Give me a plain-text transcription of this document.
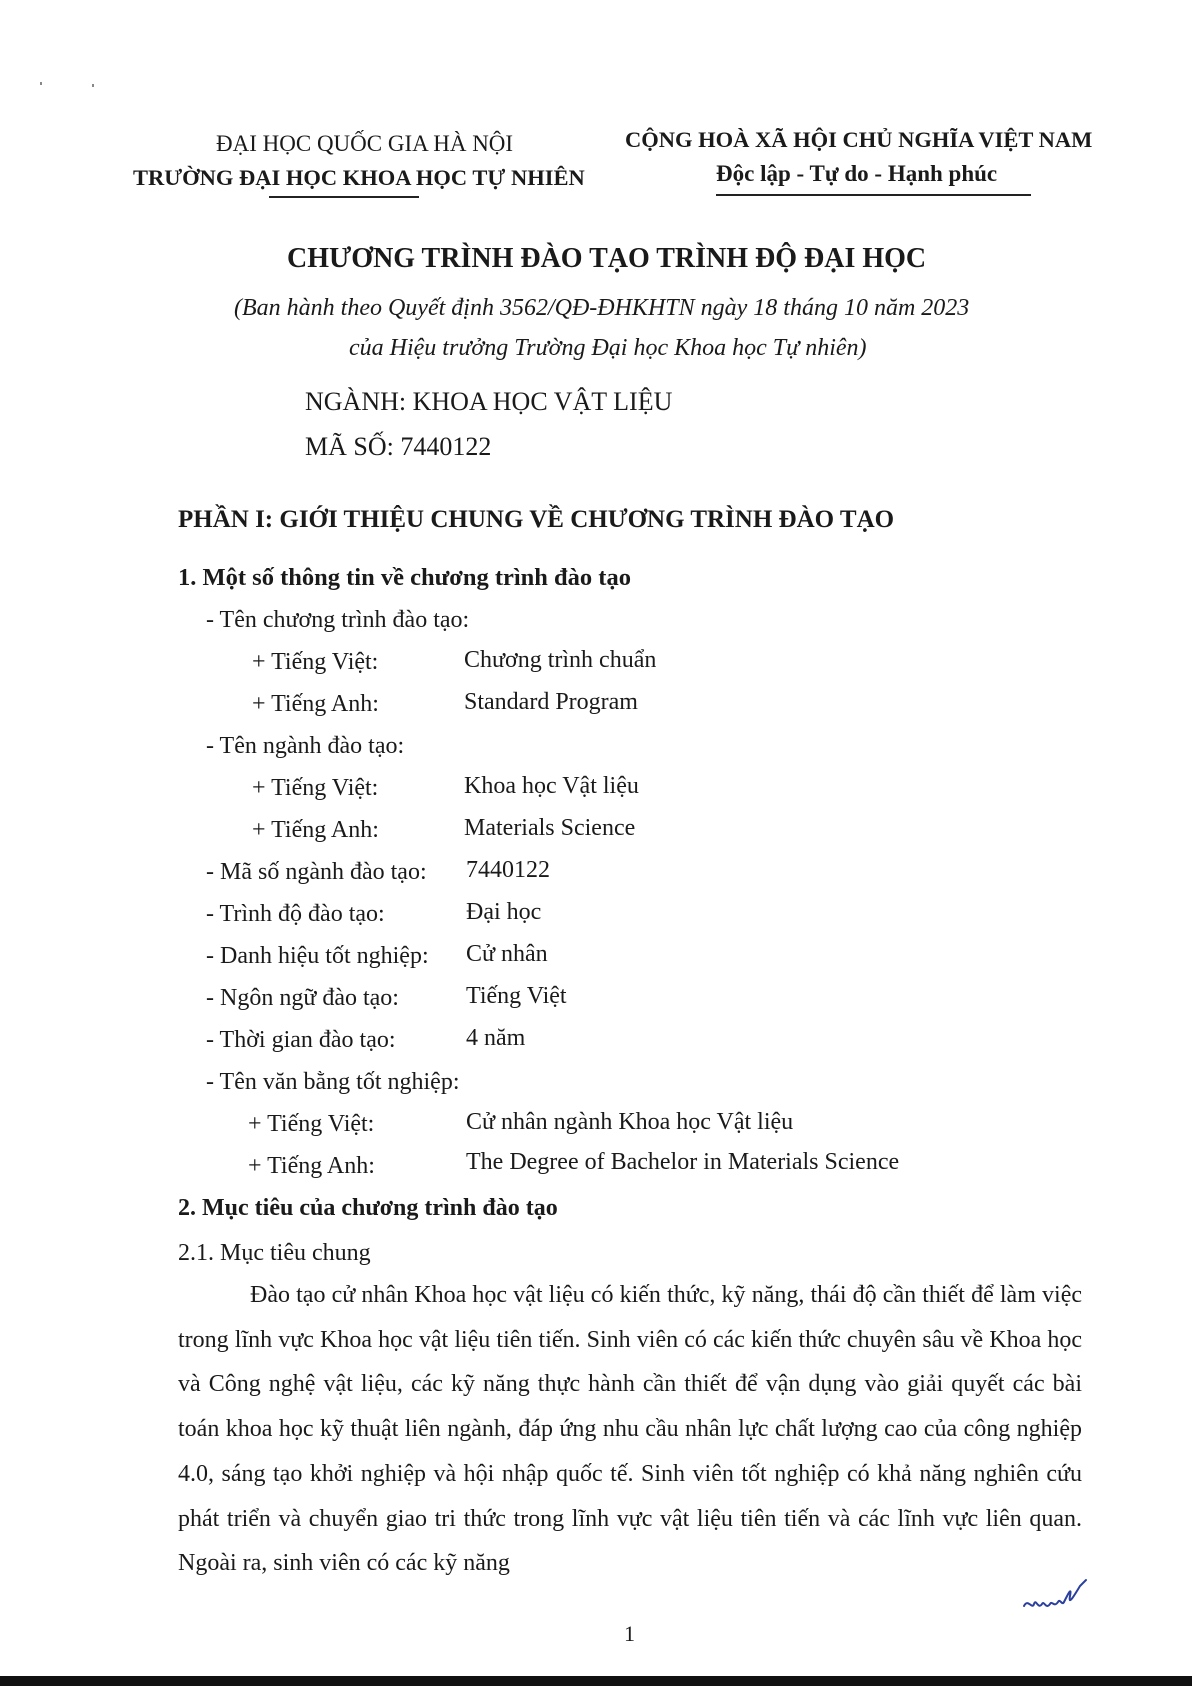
ĐẠI HỌC QUỐC GIA HÀ NỘI
TRƯỜNG ĐẠI HỌC KHOA HỌC TỰ NHIÊN
CỘNG HOÀ XÃ HỘI CHỦ NGHĨA VIỆT NAM
Độc lập - Tự do - Hạnh phúc
CHƯƠNG TRÌNH ĐÀO TẠO TRÌNH ĐỘ ĐẠI HỌC
(Ban hành theo Quyết định 3562/QĐ-ĐHKHTN ngày 18 tháng 10 năm 2023
của Hiệu trưởng Trường Đại học Khoa học Tự nhiên)
NGÀNH: KHOA HỌC VẬT LIỆU
MÃ SỐ: 7440122
PHẦN I: GIỚI THIỆU CHUNG VỀ CHƯƠNG TRÌNH ĐÀO TẠO
1. Một số thông tin về chương trình đào tạo
- Tên chương trình đào tạo:
+ Tiếng Việt:	Chương trình chuẩn
+ Tiếng Anh:	Standard Program
- Tên ngành đào tạo:
+ Tiếng Việt:	Khoa học Vật liệu
+ Tiếng Anh:	Materials Science
- Mã số ngành đào tạo: 7440122
- Trình độ đào tạo:	Đại học
- Danh hiệu tốt nghiệp: Cử nhân
- Ngôn ngữ đào tạo:	Tiếng Việt
- Thời gian đào tạo:	4 năm
- Tên văn bằng tốt nghiệp:
+ Tiếng Việt:	Cử nhân ngành Khoa học Vật liệu
+ Tiếng Anh:	The Degree of Bachelor in Materials Science
2. Mục tiêu của chương trình đào tạo
2.1. Mục tiêu chung

Đào tạo cử nhân Khoa học vật liệu có kiến thức, kỹ năng, thái độ cần thiết để làm việc trong lĩnh vực Khoa học vật liệu tiên tiến. Sinh viên có các kiến thức chuyên sâu về Khoa học và Công nghệ vật liệu, các kỹ năng thực hành cần thiết để vận dụng vào giải quyết các bài toán khoa học kỹ thuật liên ngành, đáp ứng nhu cầu nhân lực chất lượng cao của công nghiệp 4.0, sáng tạo khởi nghiệp và hội nhập quốc tế. Sinh viên tốt nghiệp có khả năng nghiên cứu phát triển và chuyển giao tri thức trong lĩnh vực vật liệu tiên tiến và các lĩnh vực liên quan. Ngoài ra, sinh viên có các kỹ năng

1
